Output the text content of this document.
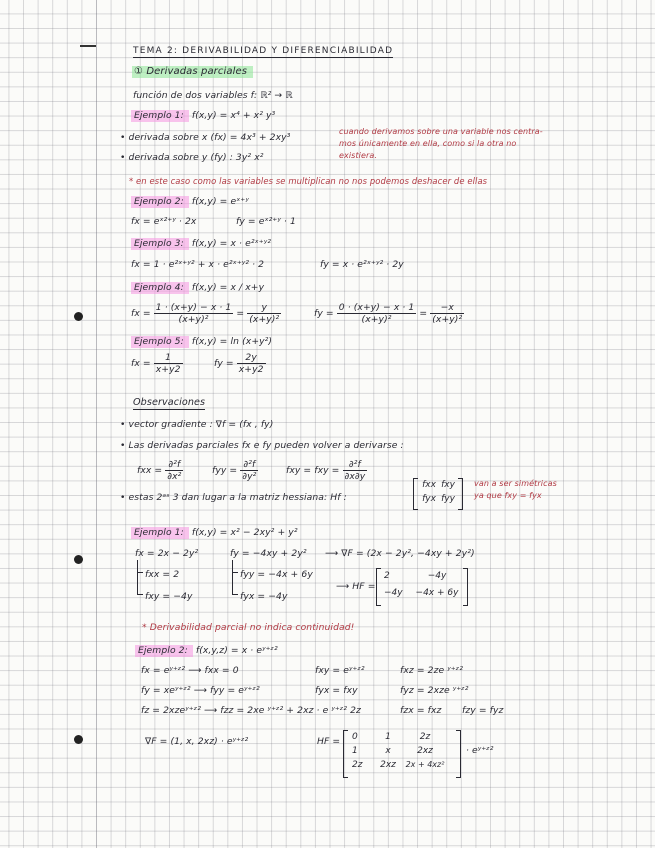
TEMA 2: DERIVABILIDAD Y DIFERENCIABILIDAD
① Derivadas parciales
función de dos variables f: ℝ² → ℝ
Ejemplo 1: f(x,y) = x⁴ + x² y³
• derivada sobre x (fx) = 4x³ + 2xy³
• derivada sobre y (fy) : 3y² x²
cuando derivamos sobre una variable nos centra-
mos únicamente en ella, como si la otra no
existiera.
* en este caso como las variables se multiplican no nos podemos deshacer de ellas
Ejemplo 2: f(x,y) = eˣ⁺ʸ
fx = eˣ²⁺ʸ · 2x	fy = eˣ²⁺ʸ · 1
Ejemplo 3: f(x,y) = x · e²ˣ⁺ʸ²
fx = 1 · e²ˣ⁺ʸ² + x · e²ˣ⁺ʸ² · 2	fy = x · e²ˣ⁺ʸ² · 2y
Ejemplo 4: f(x,y) = x / x+y
fx = $\frac{1 \cdot (x+y) - x \cdot 1}{\text{(x+y)²}} = \frac{y}{\text{(x+y)²}}$	fy = $\frac{0 \cdot (x+y) - x \cdot 1}{\text{(x+y)²}} = \frac{-x}{\text{(x+y)²}}$
Ejemplo 5: f(x,y) = ln (x+y²)
fx = $\frac{1}{x+y2}$	fy = $\frac{2y}{x+y2}$
Observaciones
• vector gradiente : ∇f = (fx , fy)
• Las derivadas parciales fx e fy pueden volver a derivarse :
fxx = $\frac{\text{∂²f}}{\text{∂x²}}$	fyy = $\frac{\text{∂²f}}{\text{∂y²}}$	fxy = fxy = $\frac{\text{∂²f}}{\partial x\partial y}$
• estas 2ᵃˢ 3 dan lugar a la matriz hessiana: Hf :
fxx fxy
fyx fyy
van a ser simétricas
ya que fxy = fyx
Ejemplo 1: f(x,y) = x² − 2xy² + y²
fx = 2x − 2y²	fy = −4xy + 2y² ⟶ ∇F = (2x − 2y², −4xy + 2y²)
fxx = 2
fxy = −4y
fyy = −4x + 6y
fyx = −4y
⟶ HF =
2	−4y
−4y	−4x + 6y
* Derivabilidad parcial no indica continuidad!
Ejemplo 2: f(x,y,z) = x · eʸ⁺ᶻ²
fx = eʸ⁺ᶻ² ⟶ fxx = 0	fxy = eʸ⁺ᶻ²	fxz = 2ze ʸ⁺ᶻ²
fy = xeʸ⁺ᶻ² ⟶ fyy = eʸ⁺ᶻ²	fyx = fxy	fyz = 2xze ʸ⁺ᶻ²
fz = 2xzeʸ⁺ᶻ² ⟶ fzz = 2xe ʸ⁺ᶻ² + 2xz · e ʸ⁺ᶻ² 2z	fzx = fxz fzy = fyz
∇F = (1, x, 2xz) · eʸ⁺ᶻ²	HF = 0	1	2z
1	x	2xz
2z	2xz	2x + 4xz²
· eʸ⁺ᶻ²
